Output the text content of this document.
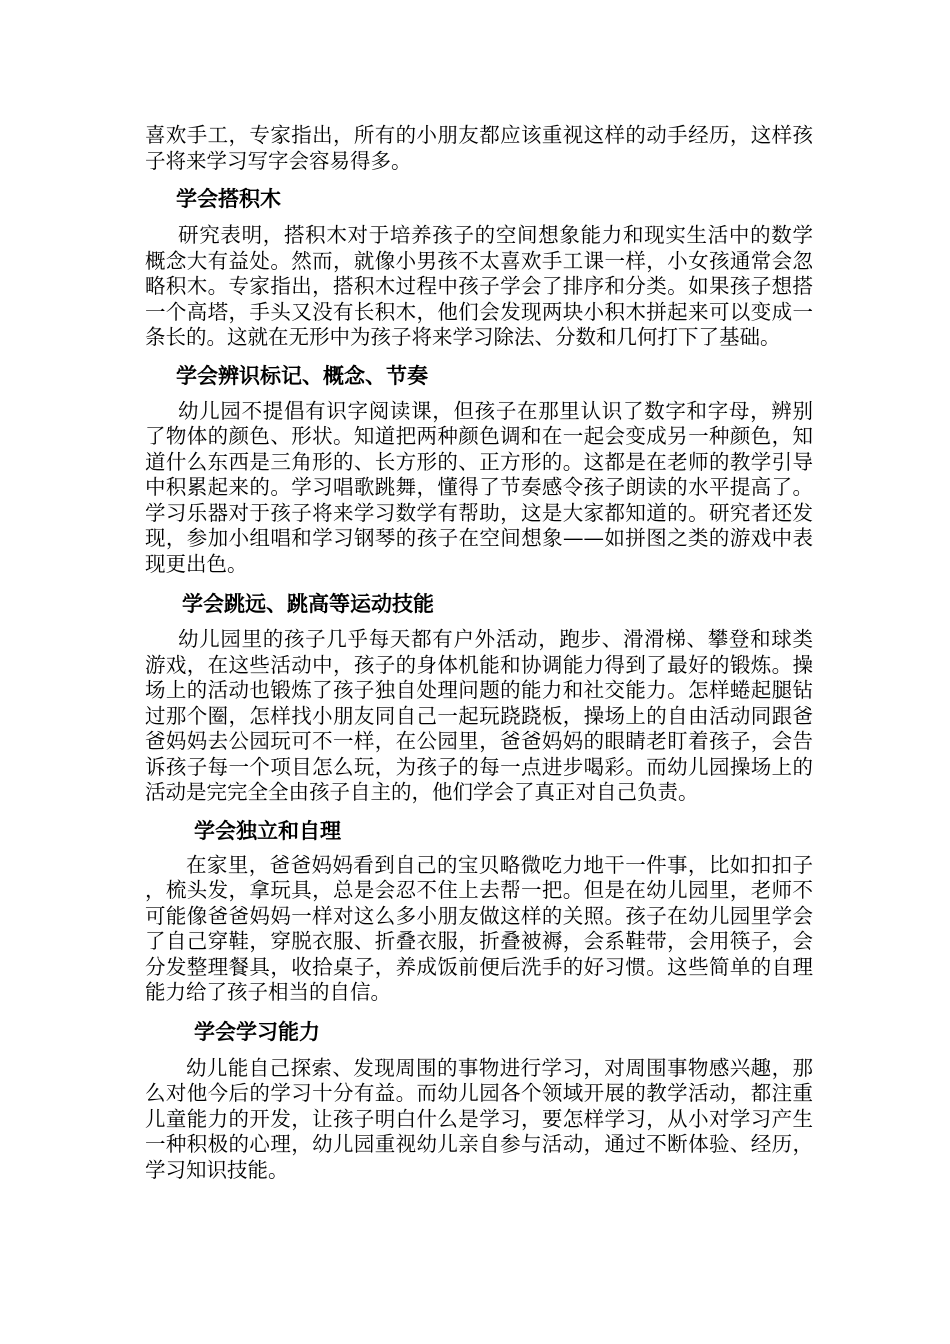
喜欢手工，专家指出，所有的小朋友都应该重视这样的动手经历，这样孩子将来学习写字会容易得多。

学会搭积木

研究表明，搭积木对于培养孩子的空间想象能力和现实生活中的数学概念大有益处。然而，就像小男孩不太喜欢手工课一样，小女孩通常会忽略积木。专家指出，搭积木过程中孩子学会了排序和分类。如果孩子想搭一个高塔，手头又没有长积木，他们会发现两块小积木拼起来可以变成一条长的。这就在无形中为孩子将来学习除法、分数和几何打下了基础。

学会辨识标记、概念、节奏

幼儿园不提倡有识字阅读课，但孩子在那里认识了数字和字母，辨别了物体的颜色、形状。知道把两种颜色调和在一起会变成另一种颜色，知道什么东西是三角形的、长方形的、正方形的。这都是在老师的教学引导中积累起来的。学习唱歌跳舞，懂得了节奏感令孩子朗读的水平提高了。学习乐器对于孩子将来学习数学有帮助，这是大家都知道的。研究者还发现，参加小组唱和学习钢琴的孩子在空间想象——如拼图之类的游戏中表现更出色。

学会跳远、跳高等运动技能

幼儿园里的孩子几乎每天都有户外活动，跑步、滑滑梯、攀登和球类游戏，在这些活动中，孩子的身体机能和协调能力得到了最好的锻炼。操场上的活动也锻炼了孩子独自处理问题的能力和社交能力。怎样蜷起腿钻过那个圈，怎样找小朋友同自己一起玩跷跷板，操场上的自由活动同跟爸爸妈妈去公园玩可不一样，在公园里，爸爸妈妈的眼睛老盯着孩子，会告诉孩子每一个项目怎么玩，为孩子的每一点进步喝彩。而幼儿园操场上的活动是完完全全由孩子自主的，他们学会了真正对自己负责。

学会独立和自理

在家里，爸爸妈妈看到自己的宝贝略微吃力地干一件事，比如扣扣子，梳头发，拿玩具，总是会忍不住上去帮一把。但是在幼儿园里，老师不可能像爸爸妈妈一样对这么多小朋友做这样的关照。孩子在幼儿园里学会了自己穿鞋，穿脱衣服、折叠衣服，折叠被褥，会系鞋带，会用筷子，会分发整理餐具，收拾桌子，养成饭前便后洗手的好习惯。这些简单的自理能力给了孩子相当的自信。

学会学习能力

幼儿能自己探索、发现周围的事物进行学习，对周围事物感兴趣，那么对他今后的学习十分有益。而幼儿园各个领域开展的教学活动，都注重儿童能力的开发，让孩子明白什么是学习，要怎样学习，从小对学习产生一种积极的心理，幼儿园重视幼儿亲自参与活动，通过不断体验、经历，学习知识技能。
